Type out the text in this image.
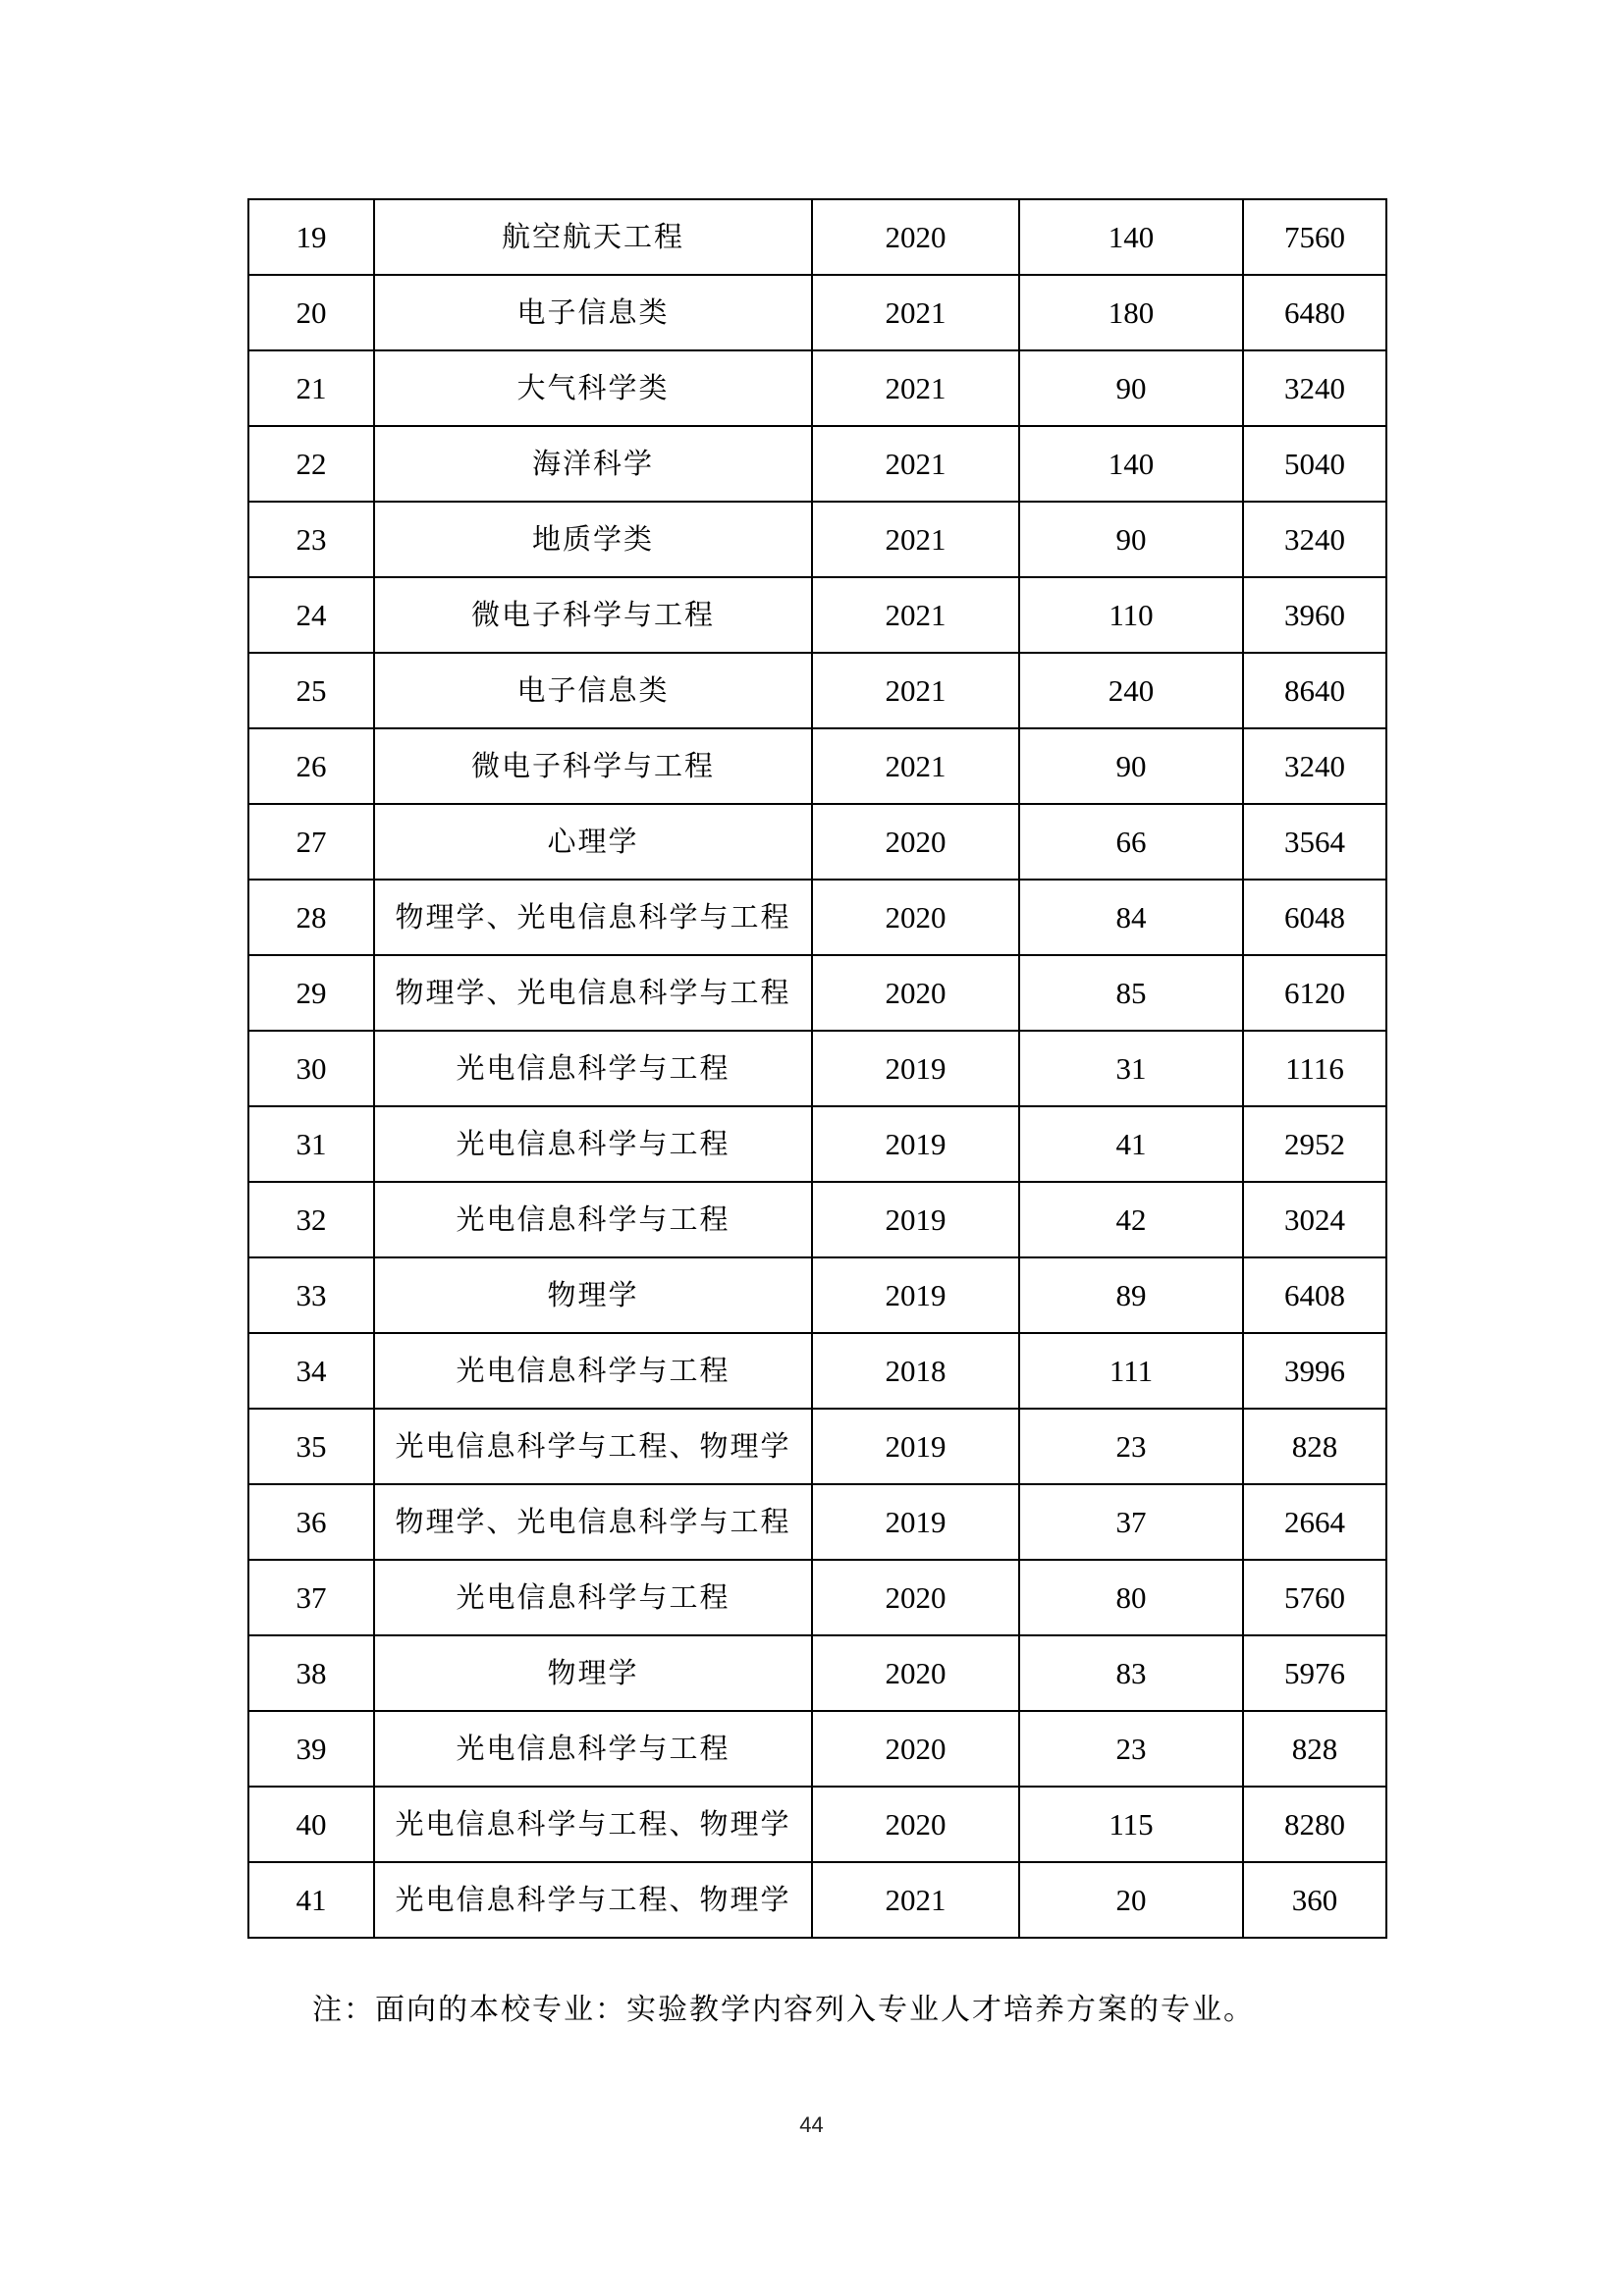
19	航空航天工程	2020	140	7560
20	电子信息类	2021	180	6480
21	大气科学类	2021	90	3240
22	海洋科学	2021	140	5040
23	地质学类	2021	90	3240
24	微电子科学与工程	2021	110	3960
25	电子信息类	2021	240	8640
26	微电子科学与工程	2021	90	3240
27	心理学	2020	66	3564
28	物理学、光电信息科学与工程	2020	84	6048
29	物理学、光电信息科学与工程	2020	85	6120
30	光电信息科学与工程	2019	31	1116
31	光电信息科学与工程	2019	41	2952
32	光电信息科学与工程	2019	42	3024
33	物理学	2019	89	6408
34	光电信息科学与工程	2018	111	3996
35	光电信息科学与工程、物理学	2019	23	828
36	物理学、光电信息科学与工程	2019	37	2664
37	光电信息科学与工程	2020	80	5760
38	物理学	2020	83	5976
39	光电信息科学与工程	2020	23	828
40	光电信息科学与工程、物理学	2020	115	8280
41	光电信息科学与工程、物理学	2021	20	360
注：面向的本校专业：实验教学内容列入专业人才培养方案的专业。
44
